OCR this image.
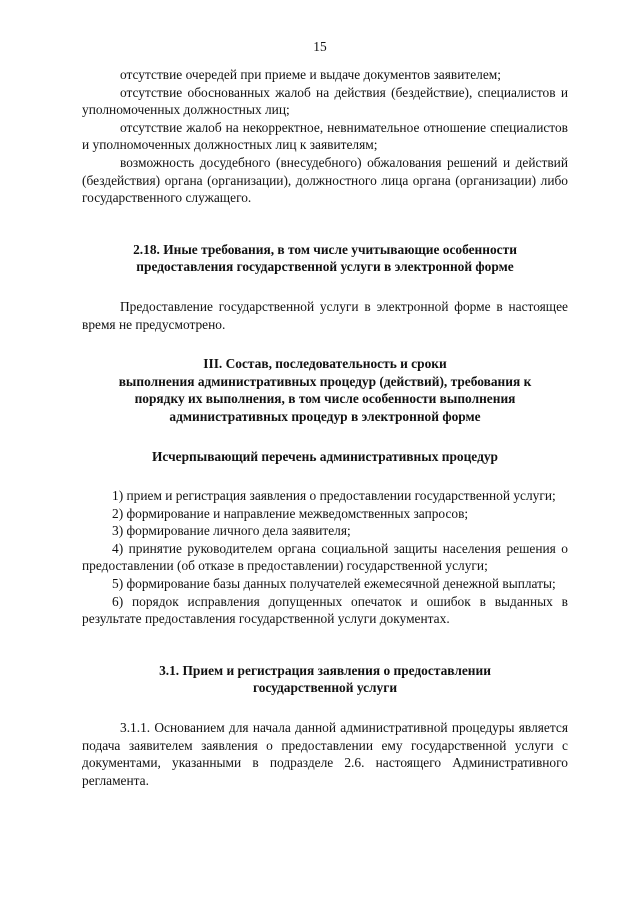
15

отсутствие очередей при приеме и выдаче документов заявителем;

отсутствие обоснованных жалоб на действия (бездействие), специалистов и уполномоченных должностных лиц;

отсутствие жалоб на некорректное, невнимательное отношение специалистов и уполномоченных должностных лиц к заявителям;

возможность досудебного (внесудебного) обжалования решений и действий (бездействия) органа (организации), должностного лица органа (организации) либо государственного служащего.

2.18. Иные требования, в том числе учитывающие особенности
предоставления государственной услуги в электронной форме

Предоставление государственной услуги в электронной форме в настоящее время не предусмотрено.

III. Состав, последовательность и сроки
выполнения административных процедур (действий), требования к
порядку их выполнения, в том числе особенности выполнения
административных процедур в электронной форме
Исчерпывающий перечень административных процедур

1) прием и регистрация заявления о предоставлении государственной услуги;

2) формирование и направление межведомственных запросов;

3) формирование личного дела заявителя;

4) принятие руководителем органа социальной защиты населения решения о предоставлении (об отказе в предоставлении) государственной услуги;

5) формирование базы данных получателей ежемесячной денежной выплаты;

6) порядок исправления допущенных опечаток и ошибок в выданных в результате предоставления государственной услуги документах.

3.1. Прием и регистрация заявления о предоставлении
государственной услуги

3.1.1. Основанием для начала данной административной процедуры является подача заявителем заявления о предоставлении ему государственной услуги с документами, указанными в подразделе 2.6. настоящего Административного регламента.
